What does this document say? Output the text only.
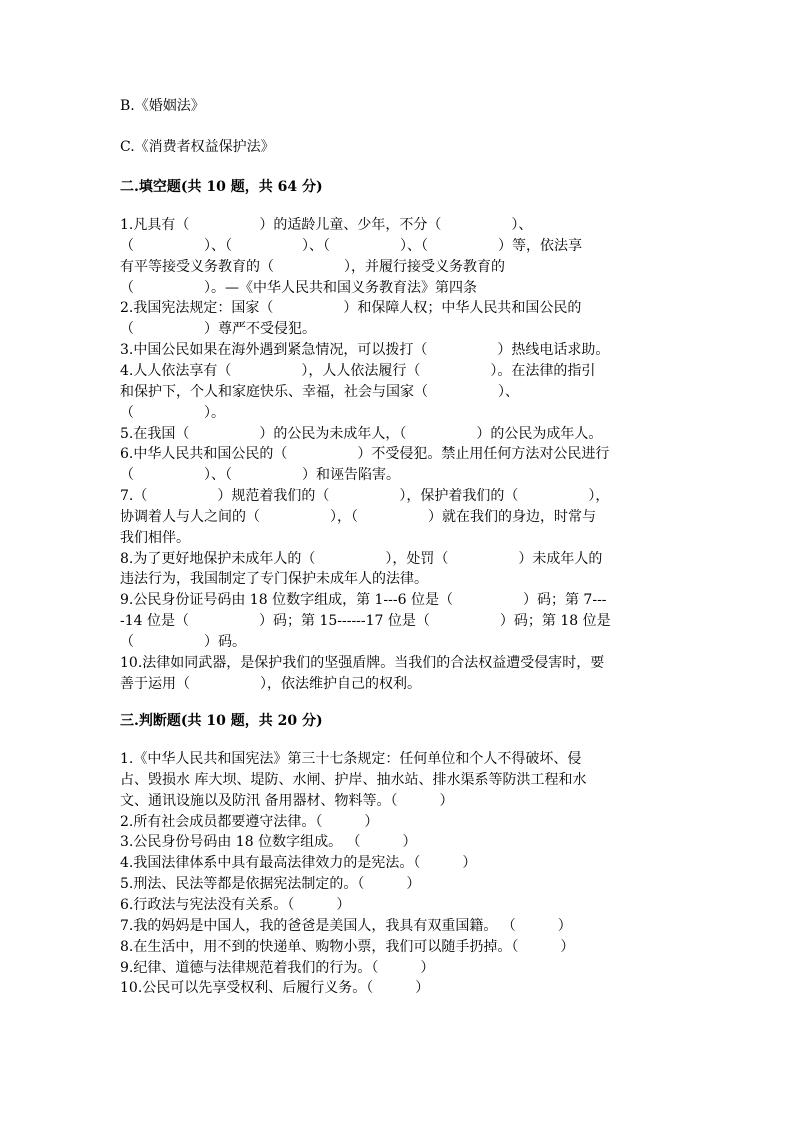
B.《婚姻法》
C.《消费者权益保护法》
二.填空题(共 10 题，共 64 分)
1.凡具有（　　　　　）的适龄儿童、少年，不分（　　　　　）、
（　　　　　）、（　　　　　）、（　　　　　）、（　　　　　）等，依法享
有平等接受义务教育的（　　　　　），并履行接受义务教育的
（　　　　　）。—《中华人民共和国义务教育法》第四条
2.我国宪法规定：国家（　　　　　）和保障人权；中华人民共和国公民的
（　　　　　）尊严不受侵犯。
3.中国公民如果在海外遇到紧急情况，可以拨打（　　　　　）热线电话求助。
4.人人依法享有（　　　　　），人人依法履行（　　　　　）。在法律的指引
和保护下，个人和家庭快乐、幸福，社会与国家（　　　　　）、
（　　　　　）。
5.在我国（　　　　　）的公民为未成年人，（　　　　　）的公民为成年人。
6.中华人民共和国公民的（　　　　　）不受侵犯。禁止用任何方法对公民进行
（　　　　　）、（　　　　　）和诬告陷害。
7.（　　　　　）规范着我们的（　　　　　），保护着我们的（　　　　　），
协调着人与人之间的（　　　　　），（　　　　　）就在我们的身边，时常与
我们相伴。
8.为了更好地保护未成年人的（　　　　　），处罚（　　　　　）未成年人的
违法行为，我国制定了专门保护未成年人的法律。
9.公民身份证号码由 18 位数字组成，第 1---6 位是（　　　　　）码；第 7---
-14 位是（　　　　　）码；第 15------17 位是（　　　　　）码；第 18 位是
（　　　　　）码。
10.法律如同武器，是保护我们的坚强盾牌。当我们的合法权益遭受侵害时，要
善于运用（　　　　　），依法维护自己的权利。
三.判断题(共 10 题，共 20 分)
1.《中华人民共和国宪法》第三十七条规定：任何单位和个人不得破坏、侵
占、毁损水 库大坝、堤防、水闸、护岸、抽水站、排水渠系等防洪工程和水
文、通讯设施以及防汛 备用器材、物料等。（　　　）
2.所有社会成员都要遵守法律。（　　　）
3.公民身份号码由 18 位数字组成。 （　　　）
4.我国法律体系中具有最高法律效力的是宪法。（　　　）
5.刑法、民法等都是依据宪法制定的。（　　　）
6.行政法与宪法没有关系。（　　　）
7.我的妈妈是中国人，我的爸爸是美国人，我具有双重国籍。 （　　　）
8.在生活中，用不到的快递单、购物小票，我们可以随手扔掉。（　　　）
9.纪律、道德与法律规范着我们的行为。（　　　）
10.公民可以先享受权利、后履行义务。（　　　）
